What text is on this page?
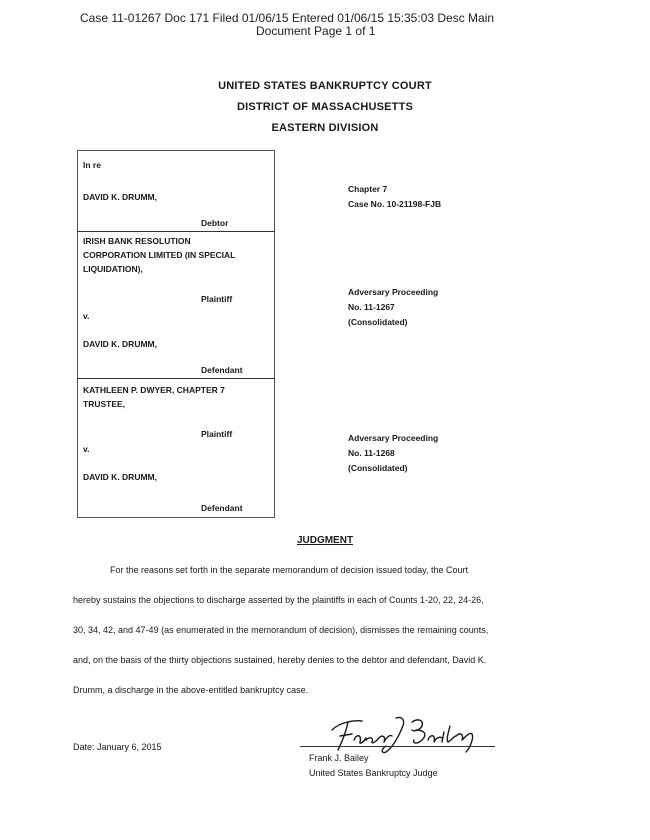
Case 11-01267 Doc 171 Filed 01/06/15 Entered 01/06/15 15:35:03 Desc Main
Document Page 1 of 1
UNITED STATES BANKRUPTCY COURT
DISTRICT OF MASSACHUSETTS
EASTERN DIVISION
In re
DAVID K. DRUMM,
Debtor
IRISH BANK RESOLUTION
CORPORATION LIMITED (IN SPECIAL
LIQUIDATION),
Plaintiff
v.
DAVID K. DRUMM,
Defendant
KATHLEEN P. DWYER, CHAPTER 7
TRUSTEE,
Plaintiff
v.
DAVID K. DRUMM,
Defendant
Chapter 7
Case No. 10-21198-FJB
Adversary Proceeding
No. 11-1267
(Consolidated)
Adversary Proceeding
No. 11-1268
(Consolidated)
JUDGMENT
For the reasons set forth in the separate memorandum of decision issued today, the Court
hereby sustains the objections to discharge asserted by the plaintiffs in each of Counts 1-20, 22, 24-26,
30, 34, 42, and 47-49 (as enumerated in the memorandum of decision), dismisses the remaining counts,
and, on the basis of the thirty objections sustained, hereby denies to the debtor and defendant, David K.
Drumm, a discharge in the above-entitled bankruptcy case.
Date: January 6, 2015
Frank J. Bailey
United States Bankruptcy Judge
